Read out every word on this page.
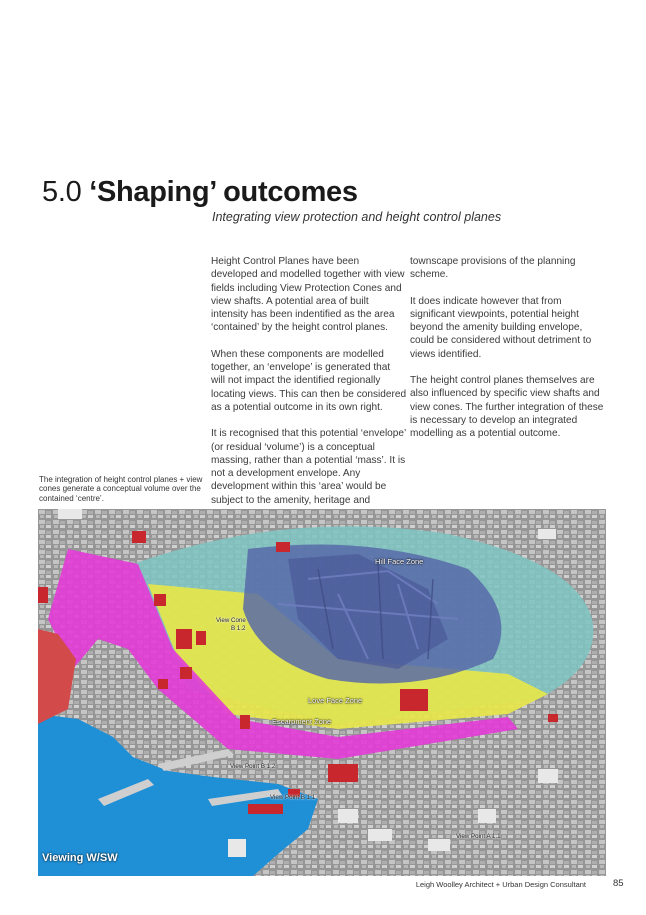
5.0 ‘Shaping’ outcomes
Integrating view protection and height control planes

Height Control Planes have been developed and modelled together with view fields including View Protection Cones and view shafts. A potential area of built intensity has been indentified as the area ‘contained’ by the height control planes.

When these components are modelled together, an ‘envelope’ is generated that will not impact the identified regionally locating views. This can then be considered as a potential outcome in its own right.

It is recognised that this potential ‘envelope’ (or residual ‘volume’) is a conceptual massing, rather than a potential ‘mass’. It is not a development envelope. Any development within this ‘area’ would be subject to the amenity, heritage and

townscape provisions of the planning scheme.

It does indicate however that from significant viewpoints, potential height beyond the amenity building envelope, could be considered without detriment to views identified.

The height control planes themselves are also influenced by specific view shafts and view cones. The further integration of these is necessary to develop an integrated modelling as a potential outcome.

The integration of height control planes + view cones generate a conceptual volume over the contained ‘centre’.
Hill Face Zone
View Cone
B 1.2
Love Face Zone
Escarpment Zone
View Point B 1.2
View Point B 1.1
View Point A 1.1
Viewing W/SW
Leigh Woolley Architect + Urban Design Consultant	85
